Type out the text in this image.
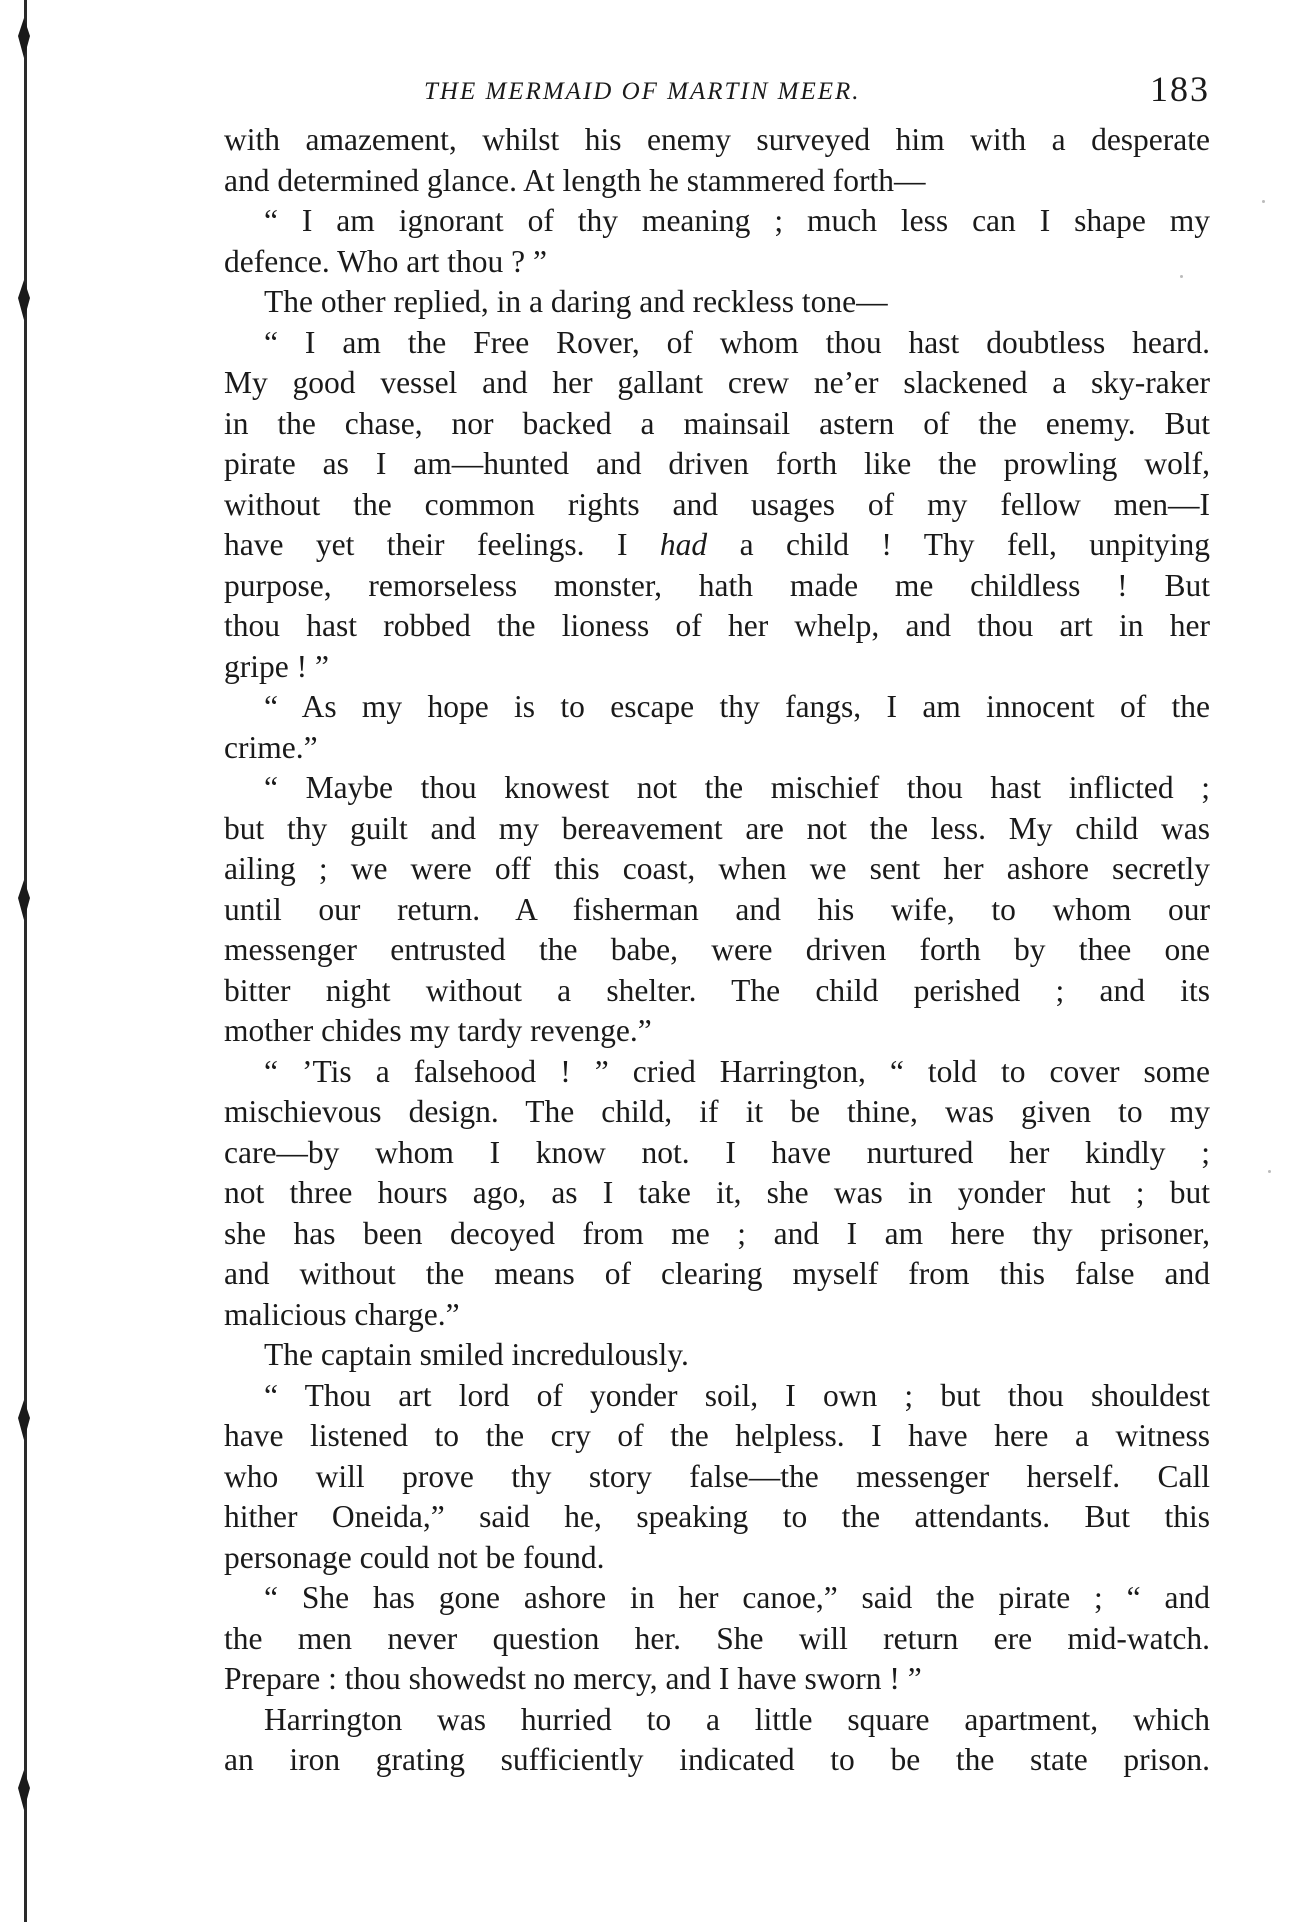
THE MERMAID OF MARTIN MEER.	183
with amazement, whilst his enemy surveyed him with a desperate
and determined glance. At length he stammered forth—
“ I am ignorant of thy meaning ; much less can I shape my
defence. Who art thou ? ”
The other replied, in a daring and reckless tone—
“ I am the Free Rover, of whom thou hast doubtless heard.
My good vessel and her gallant crew ne’er slackened a sky-raker
in the chase, nor backed a mainsail astern of the enemy. But
pirate as I am—hunted and driven forth like the prowling wolf,
without the common rights and usages of my fellow men—I
have yet their feelings. I had a child ! Thy fell, unpitying
purpose, remorseless monster, hath made me childless ! But
thou hast robbed the lioness of her whelp, and thou art in her
gripe ! ”
“ As my hope is to escape thy fangs, I am innocent of the
crime.”
“ Maybe thou knowest not the mischief thou hast inflicted ;
but thy guilt and my bereavement are not the less. My child was
ailing ; we were off this coast, when we sent her ashore secretly
until our return. A fisherman and his wife, to whom our
messenger entrusted the babe, were driven forth by thee one
bitter night without a shelter. The child perished ; and its
mother chides my tardy revenge.”
“ ’Tis a falsehood ! ” cried Harrington, “ told to cover some
mischievous design. The child, if it be thine, was given to my
care—by whom I know not. I have nurtured her kindly ;
not three hours ago, as I take it, she was in yonder hut ; but
she has been decoyed from me ; and I am here thy prisoner,
and without the means of clearing myself from this false and
malicious charge.”
The captain smiled incredulously.
“ Thou art lord of yonder soil, I own ; but thou shouldest
have listened to the cry of the helpless. I have here a witness
who will prove thy story false—the messenger herself. Call
hither Oneida,” said he, speaking to the attendants. But this
personage could not be found.
“ She has gone ashore in her canoe,” said the pirate ; “ and
the men never question her. She will return ere mid-watch.
Prepare : thou showedst no mercy, and I have sworn ! ”
Harrington was hurried to a little square apartment, which
an iron grating sufficiently indicated to be the state prison.
